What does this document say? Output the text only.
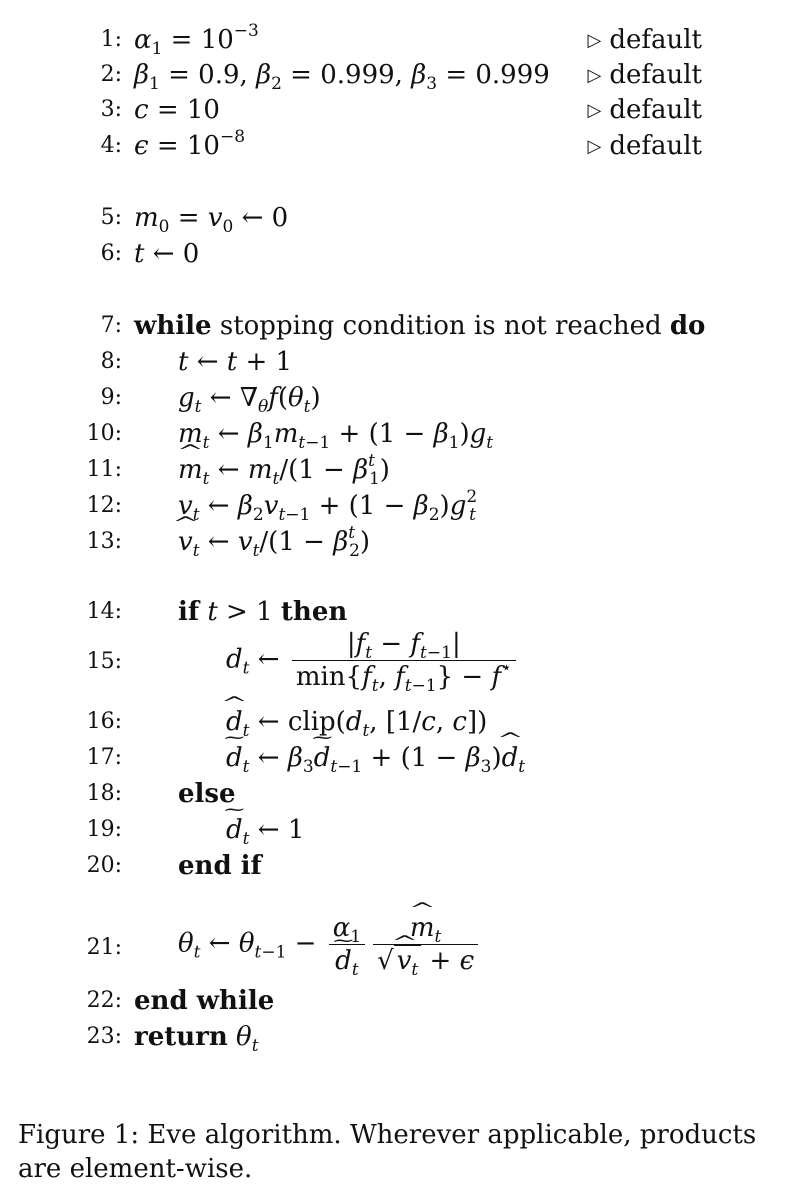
1: $\alpha_1 = 10^{-3}$	▷ default
2: $\beta_1 = 0.9$, $\beta_2 = 0.999$, $\beta_3 = 0.999$ ▷ default
3: c = 10	▷ default
4: $\epsilon = 10^{-8}$	▷ default
5: $m_0 = v_0$ ← 0
6: t ← 0
7: while stopping condition is not reached do
8: t ← t + 1
9: $g_t$ ← $\nabla_\theta f(\theta_t)$
10: $m_t$ ← $\beta_1m_{t-1} + (1 - \beta_1)g_t$
11: ^ $m_t$ ← $m_t/(1 - \beta^t_1)$
12: $v_t$ ← $\beta_2v_{t-1} + (1 - \beta_2)g^2_t$
13: ^ $v_t$ ← $v_t/(1 - \beta^t_2)$
14: if t > 1 then
15:	$d_t$ ← $\frac{|f_t - f_{t-1}|}{\min\{f_t, f_{t-1}\} - f^⋆}$
16:	^ $d_t$ ← $clip(d_t$, [1/c, c])
17:	~ $d_t$ ← $\beta_3\sim$ $d_{t-1} + (1$ − $\beta_3)\^{}$ $d_t$
18: else
19:	~ $d_t$ ← 1
20: end if
21: $\theta_t$ ← $\theta_{t-1} - \alpha_1$
~ $d_t$ ^ $\frac{m_t}{√ \^{} v_t + \epsilon}$
22: end while
23: return $\theta_t$
Figure 1: Eve algorithm. Wherever applicable, products are element-wise.
